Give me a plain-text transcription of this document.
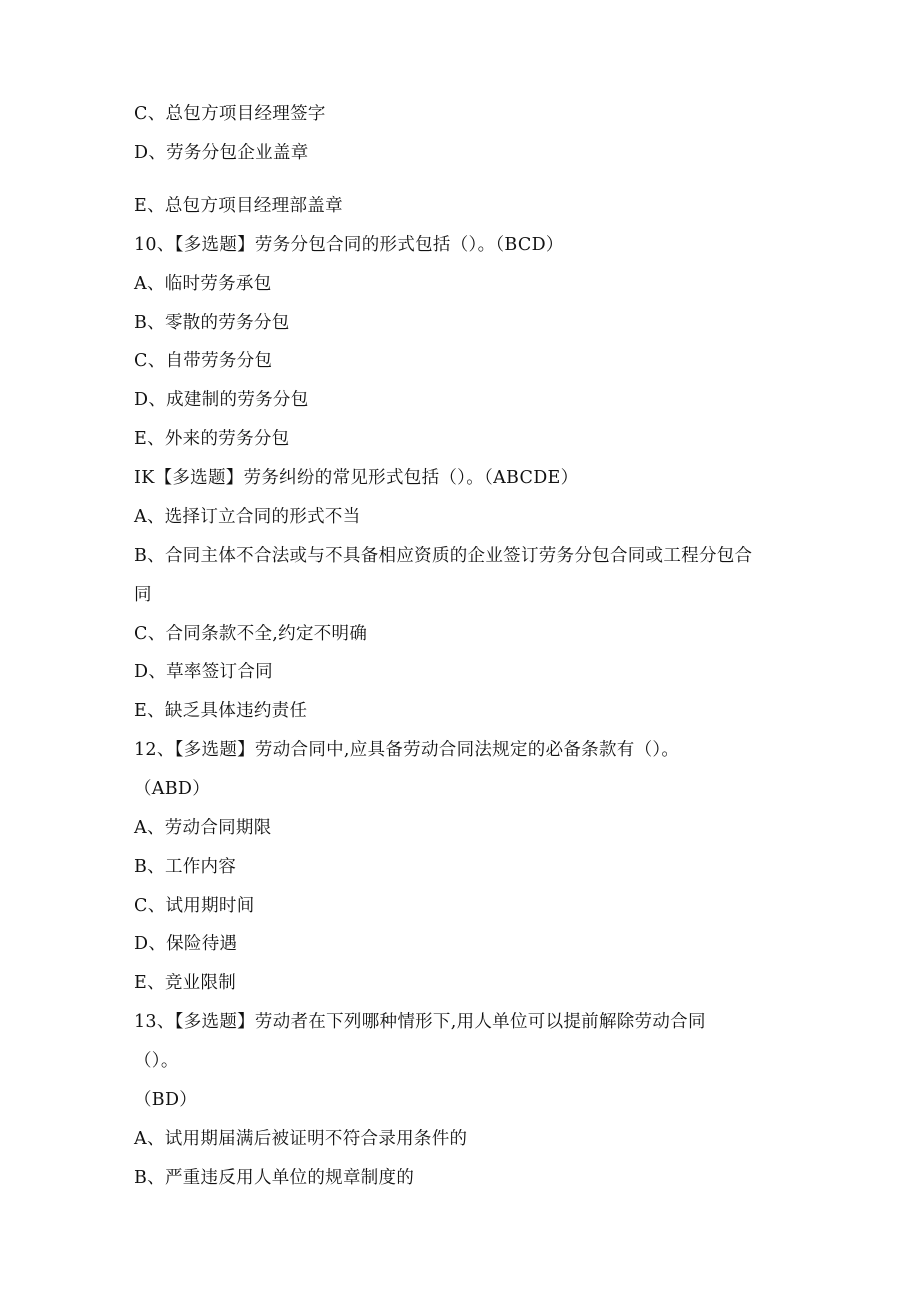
C、总包方项目经理签字
D、劳务分包企业盖章
E、总包方项目经理部盖章
10、【多选题】劳务分包合同的形式包括（）。（BCD）
A、临时劳务承包
B、零散的劳务分包
C、自带劳务分包
D、成建制的劳务分包
E、外来的劳务分包
IK【多选题】劳务纠纷的常见形式包括（）。（ABCDE）
A、选择订立合同的形式不当
B、合同主体不合法或与不具备相应资质的企业签订劳务分包合同或工程分包合
同
C、合同条款不全,约定不明确
D、草率签订合同
E、缺乏具体违约责任
12、【多选题】劳动合同中,应具备劳动合同法规定的必备条款有（）。
（ABD）
A、劳动合同期限
B、工作内容
C、试用期时间
D、保险待遇
E、竞业限制
13、【多选题】劳动者在下列哪种情形下,用人单位可以提前解除劳动合同
（）。
（BD）
A、试用期届满后被证明不符合录用条件的
B、严重违反用人单位的规章制度的
